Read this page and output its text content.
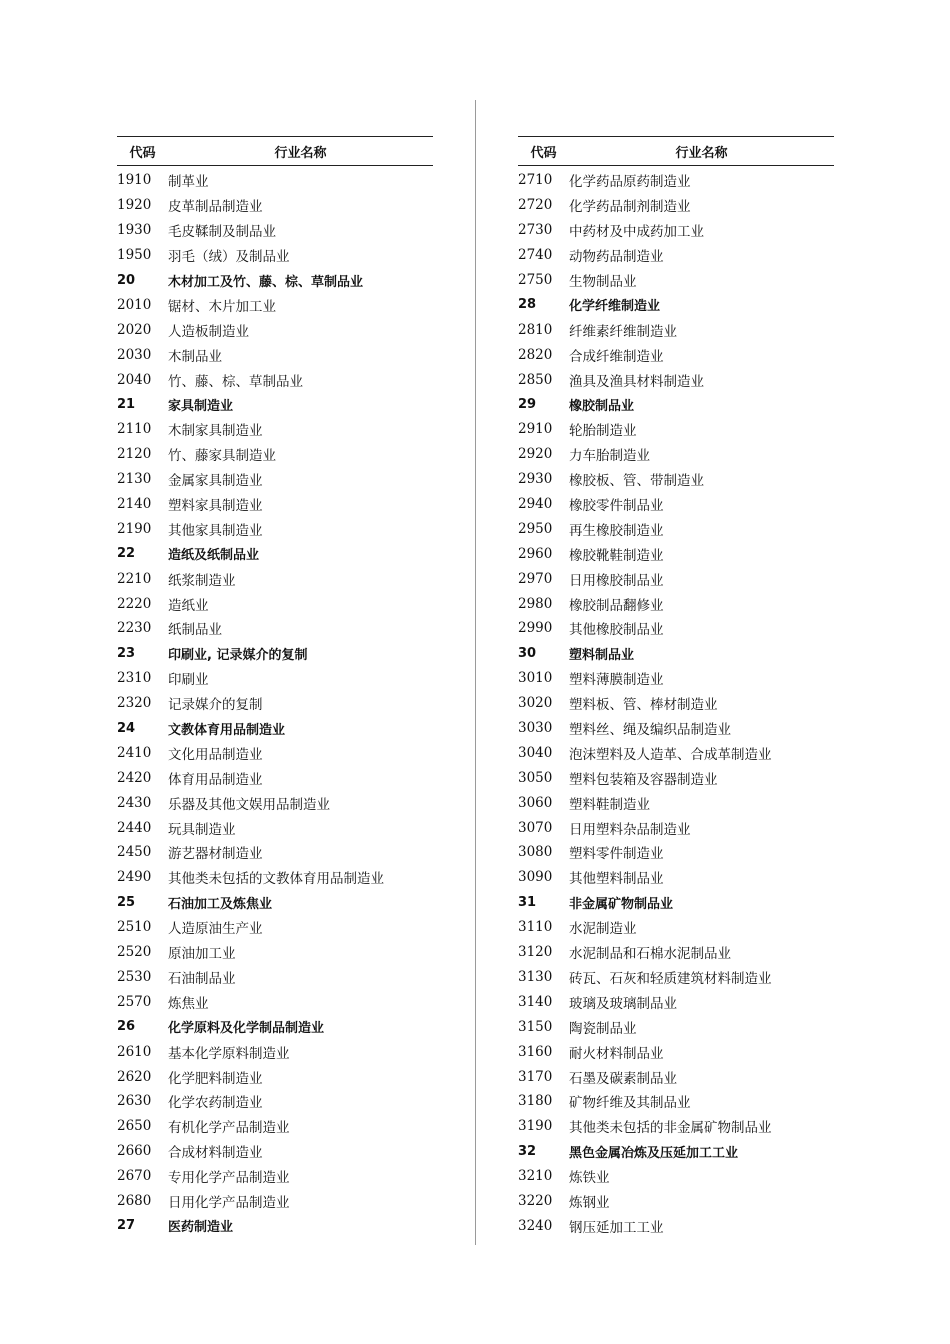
代码	行业名称
1910	制革业
1920	皮革制品制造业
1930	毛皮鞣制及制品业
1950	羽毛（绒）及制品业
20	木材加工及竹、藤、棕、草制品业
2010	锯材、木片加工业
2020	人造板制造业
2030	木制品业
2040	竹、藤、棕、草制品业
21	家具制造业
2110	木制家具制造业
2120	竹、藤家具制造业
2130	金属家具制造业
2140	塑料家具制造业
2190	其他家具制造业
22	造纸及纸制品业
2210	纸浆制造业
2220	造纸业
2230	纸制品业
23	印刷业, 记录媒介的复制
2310	印刷业
2320	记录媒介的复制
24	文教体育用品制造业
2410	文化用品制造业
2420	体育用品制造业
2430	乐器及其他文娱用品制造业
2440	玩具制造业
2450	游艺器材制造业
2490	其他类未包括的文教体育用品制造业
25	石油加工及炼焦业
2510	人造原油生产业
2520	原油加工业
2530	石油制品业
2570	炼焦业
26	化学原料及化学制品制造业
2610	基本化学原料制造业
2620	化学肥料制造业
2630	化学农药制造业
2650	有机化学产品制造业
2660	合成材料制造业
2670	专用化学产品制造业
2680	日用化学产品制造业
27	医药制造业
代码	行业名称
2710	化学药品原药制造业
2720	化学药品制剂制造业
2730	中药材及中成药加工业
2740	动物药品制造业
2750	生物制品业
28	化学纤维制造业
2810	纤维素纤维制造业
2820	合成纤维制造业
2850	渔具及渔具材料制造业
29	橡胶制品业
2910	轮胎制造业
2920	力车胎制造业
2930	橡胶板、管、带制造业
2940	橡胶零件制品业
2950	再生橡胶制造业
2960	橡胶靴鞋制造业
2970	日用橡胶制品业
2980	橡胶制品翻修业
2990	其他橡胶制品业
30	塑料制品业
3010	塑料薄膜制造业
3020	塑料板、管、棒材制造业
3030	塑料丝、绳及编织品制造业
3040	泡沫塑料及人造革、合成革制造业
3050	塑料包装箱及容器制造业
3060	塑料鞋制造业
3070	日用塑料杂品制造业
3080	塑料零件制造业
3090	其他塑料制品业
31	非金属矿物制品业
3110	水泥制造业
3120	水泥制品和石棉水泥制品业
3130	砖瓦、石灰和轻质建筑材料制造业
3140	玻璃及玻璃制品业
3150	陶瓷制品业
3160	耐火材料制品业
3170	石墨及碳素制品业
3180	矿物纤维及其制品业
3190	其他类未包括的非金属矿物制品业
32	黑色金属冶炼及压延加工工业
3210	炼铁业
3220	炼钢业
3240	钢压延加工工业
